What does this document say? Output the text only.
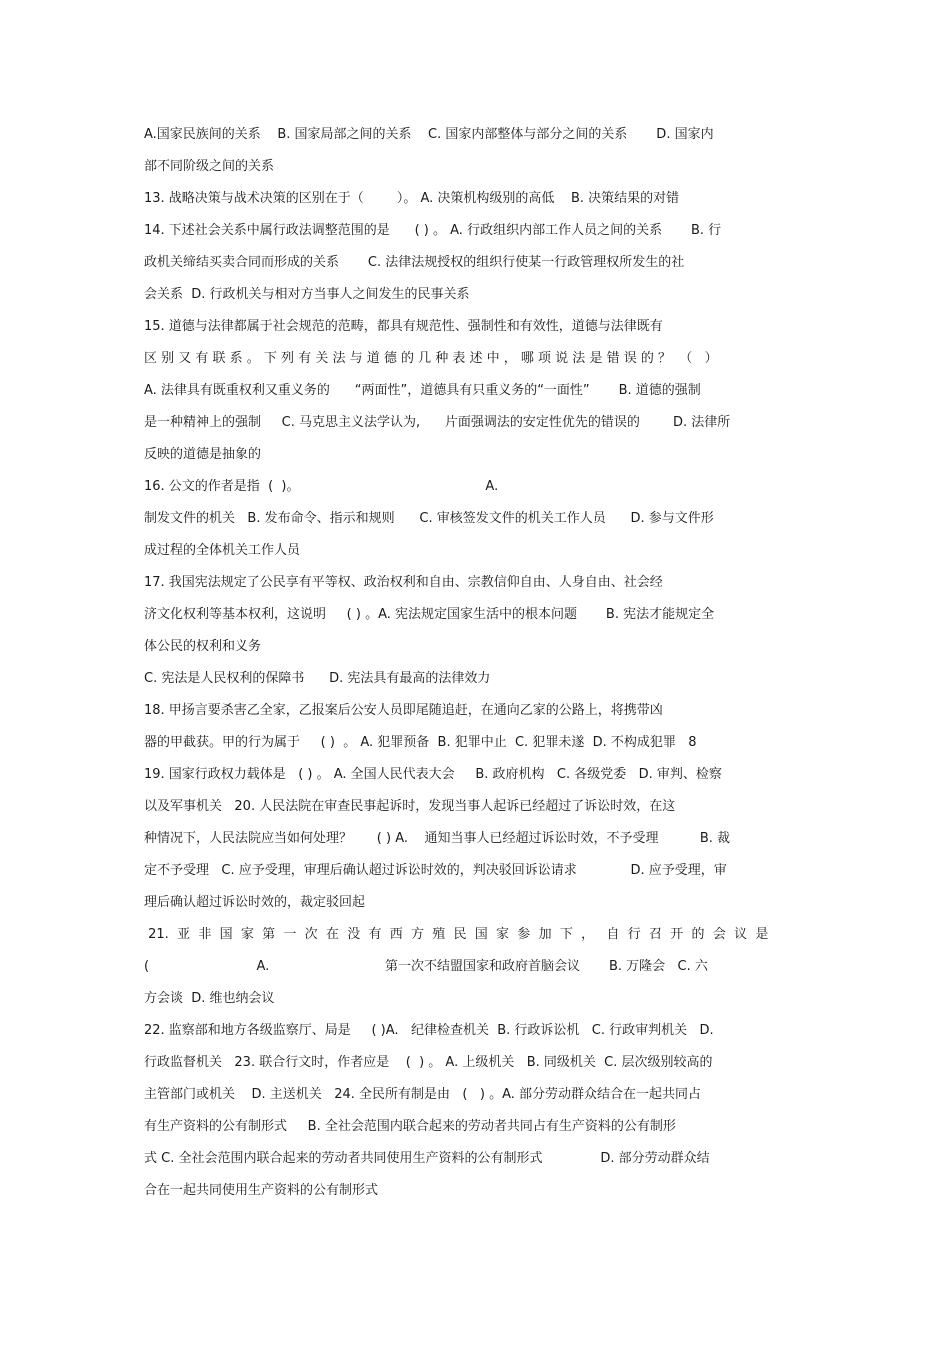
A.国家民族间的关系    B. 国家局部之间的关系    C. 国家内部整体与部分之间的关系       D. 国家内
部不同阶级之间的关系
13. 战略决策与战术决策的区别在于（        ）。 A. 决策机构级别的高低    B. 决策结果的对错
14. 下述社会关系中属行政法调整范围的是      ( ) 。 A. 行政组织内部工作人员之间的关系       B. 行
政机关缔结买卖合同而形成的关系       C. 法律法规授权的组织行使某一行政管理权所发生的社
会关系  D. 行政机关与相对方当事人之间发生的民事关系
15. 道德与法律都属于社会规范的范畴，都具有规范性、强制性和有效性，道德与法律既有
区 别 又 有 联 系 。 下 列 有 关 法 与 道 德 的 几 种 表 述 中 ， 哪 项 说 法 是 错 误 的 ？  （   ）
A. 法律具有既重权利又重义务的      “两面性”，道德具有只重义务的“一面性”       B. 道德的强制
是一种精神上的强制     C. 马克思主义法学认为,      片面强调法的安定性优先的错误的        D. 法律所
反映的道德是抽象的
16. 公文的作者是指  (  )。                                             A.
制发文件的机关   B. 发布命令、指示和规则      C. 审核签发文件的机关工作人员      D. 参与文件形
成过程的全体机关工作人员
17. 我国宪法规定了公民享有平等权、政治权利和自由、宗教信仰自由、人身自由、社会经
济文化权利等基本权利，这说明     ( ) 。A. 宪法规定国家生活中的根本问题       B. 宪法才能规定全
体公民的权利和义务
C. 宪法是人民权利的保障书      D. 宪法具有最高的法律效力
18. 甲扬言要杀害乙全家，乙报案后公安人员即尾随追赶，在通向乙家的公路上，将携带凶
器的甲截获。甲的行为属于     ( )  。 A. 犯罪预备  B. 犯罪中止  C. 犯罪未遂  D. 不构成犯罪   8
19. 国家行政权力载体是   ( ) 。 A. 全国人民代表大会     B. 政府机构   C. 各级党委   D. 审判、检察
以及军事机关   20. 人民法院在审查民事起诉时，发现当事人起诉已经超过了诉讼时效，在这
种情况下，人民法院应当如何处理？      ( ) A.    通知当事人已经超过诉讼时效，不予受理          B. 裁
定不予受理   C. 应予受理，审理后确认超过诉讼时效的，判决驳回诉讼请求             D. 应予受理，审
理后确认超过诉讼时效的，裁定驳回起
21.  亚  非  国  家  第  一  次  在  没  有  西  方  殖  民  国  家  参  加  下  ，   自  行  召  开  的  会  议  是
(                          A.                            第一次不结盟国家和政府首脑会议       B. 万隆会   C. 六
方会谈  D. 维也纳会议
22. 监察部和地方各级监察厅、局是     ( )A.   纪律检查机关  B. 行政诉讼机   C. 行政审判机关   D.
行政监督机关   23. 联合行文时，作者应是    (  ) 。 A. 上级机关   B. 同级机关  C. 层次级别较高的
主管部门或机关    D. 主送机关   24. 全民所有制是由   (   ) 。A. 部分劳动群众结合在一起共同占
有生产资料的公有制形式     B. 全社会范围内联合起来的劳动者共同占有生产资料的公有制形
式 C. 全社会范围内联合起来的劳动者共同使用生产资料的公有制形式              D. 部分劳动群众结
合在一起共同使用生产资料的公有制形式
